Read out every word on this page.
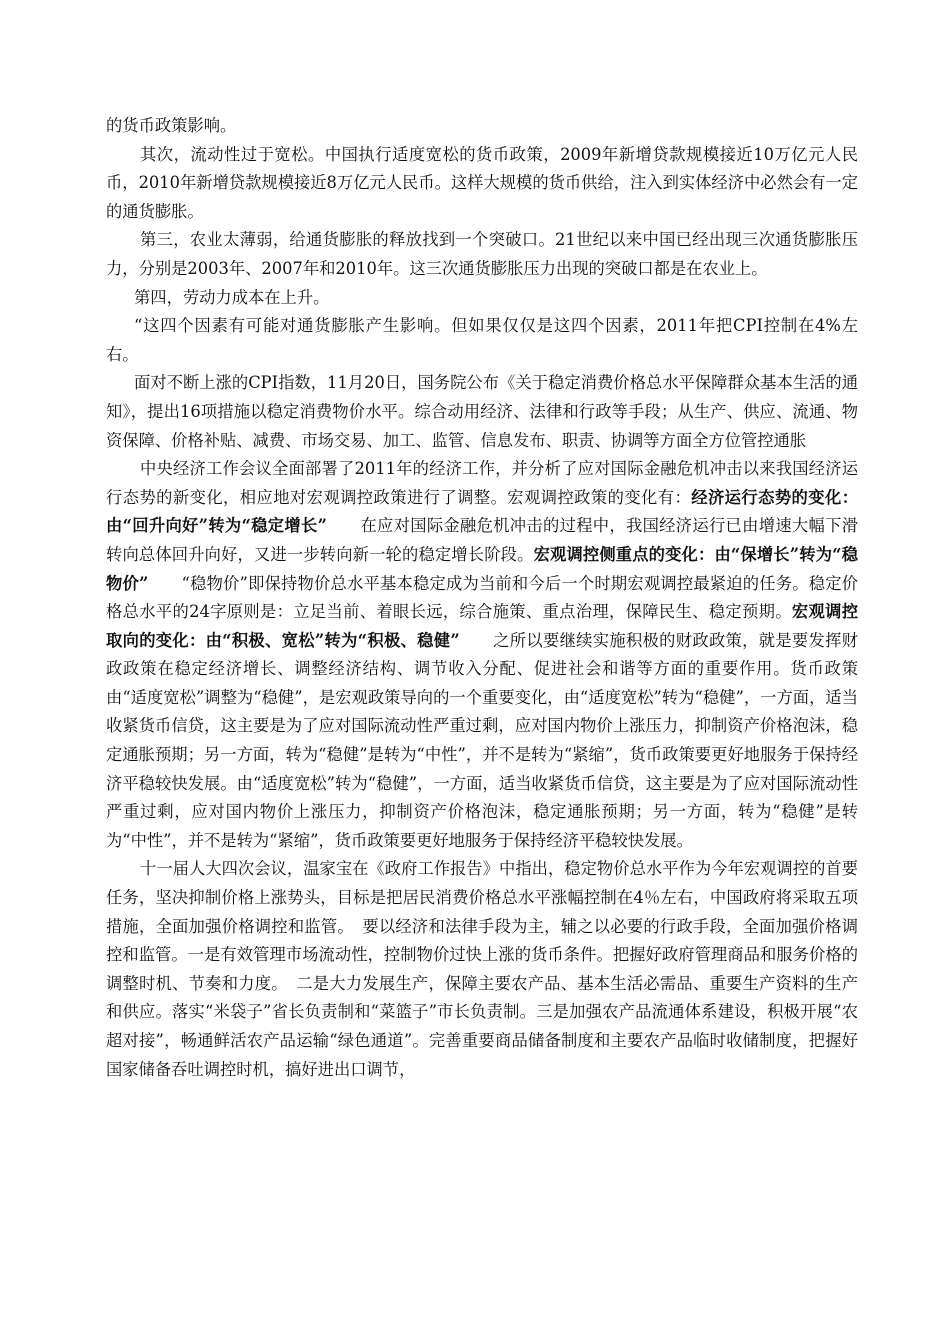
的货币政策影响。

其次，流动性过于宽松。中国执行适度宽松的货币政策，2009年新增贷款规模接近10万亿元人民币，2010年新增贷款规模接近8万亿元人民币。这样大规模的货币供给，注入到实体经济中必然会有一定的通货膨胀。

第三，农业太薄弱，给通货膨胀的释放找到一个突破口。21世纪以来中国已经出现三次通货膨胀压力，分别是2003年、2007年和2010年。这三次通货膨胀压力出现的突破口都是在农业上。

第四，劳动力成本在上升。

“这四个因素有可能对通货膨胀产生影响。但如果仅仅是这四个因素，2011年把CPI控制在4%左右。

面对不断上涨的CPI指数，11月20日，国务院公布《关于稳定消费价格总水平保障群众基本生活的通知》，提出16项措施以稳定消费物价水平。综合动用经济、法律和行政等手段；从生产、供应、流通、物资保障、价格补贴、减费、市场交易、加工、监管、信息发布、职责、协调等方面全方位管控通胀

中央经济工作会议全面部署了2011年的经济工作，并分析了应对国际金融危机冲击以来我国经济运行态势的新变化，相应地对宏观调控政策进行了调整。宏观调控政策的变化有：经济运行态势的变化：由“回升向好”转为“稳定增长”　　在应对国际金融危机冲击的过程中，我国经济运行已由增速大幅下滑转向总体回升向好，又进一步转向新一轮的稳定增长阶段。宏观调控侧重点的变化：由“保增长”转为“稳物价”　　“稳物价”即保持物价总水平基本稳定成为当前和今后一个时期宏观调控最紧迫的任务。稳定价格总水平的24字原则是：立足当前、着眼长远，综合施策、重点治理，保障民生、稳定预期。宏观调控取向的变化：由“积极、宽松”转为“积极、稳健”　　之所以要继续实施积极的财政政策，就是要发挥财政政策在稳定经济增长、调整经济结构、调节收入分配、促进社会和谐等方面的重要作用。货币政策由“适度宽松”调整为“稳健”，是宏观政策导向的一个重要变化，由“适度宽松”转为“稳健”，一方面，适当收紧货币信贷，这主要是为了应对国际流动性严重过剩，应对国内物价上涨压力，抑制资产价格泡沫，稳定通胀预期；另一方面，转为“稳健”是转为“中性”，并不是转为“紧缩”，货币政策要更好地服务于保持经济平稳较快发展。由“适度宽松”转为“稳健”，一方面，适当收紧货币信贷，这主要是为了应对国际流动性严重过剩，应对国内物价上涨压力，抑制资产价格泡沫，稳定通胀预期；另一方面，转为“稳健”是转为“中性”，并不是转为“紧缩”，货币政策要更好地服务于保持经济平稳较快发展。

十一届人大四次会议，温家宝在《政府工作报告》中指出，稳定物价总水平作为今年宏观调控的首要任务，坚决抑制价格上涨势头，目标是把居民消费价格总水平涨幅控制在4％左右，中国政府将采取五项措施，全面加强价格调控和监管。　要以经济和法律手段为主，辅之以必要的行政手段，全面加强价格调控和监管。一是有效管理市场流动性，控制物价过快上涨的货币条件。把握好政府管理商品和服务价格的调整时机、节奏和力度。　二是大力发展生产，保障主要农产品、基本生活必需品、重要生产资料的生产和供应。落实“米袋子”省长负责制和“菜篮子”市长负责制。三是加强农产品流通体系建设，积极开展“农超对接”，畅通鲜活农产品运输“绿色通道”。完善重要商品储备制度和主要农产品临时收储制度，把握好国家储备吞吐调控时机，搞好进出口调节，
